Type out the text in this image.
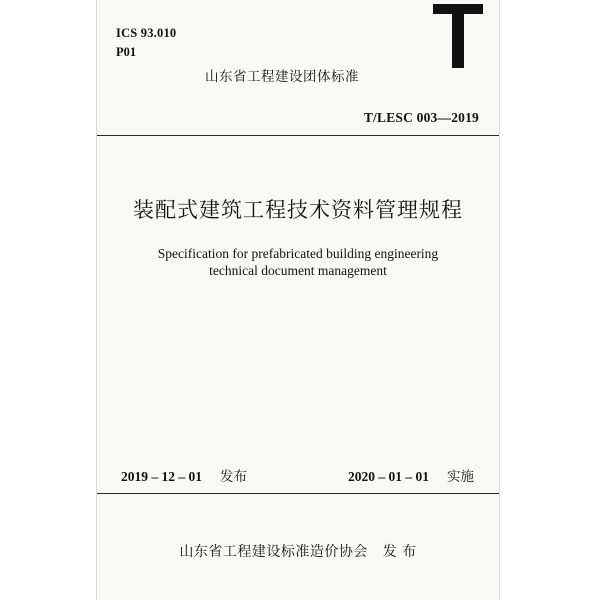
ICS 93.010
P01
山东省工程建设团体标准
T/LESC 003—2019
装配式建筑工程技术资料管理规程
Specification for prefabricated building engineering
technical document management
2019 – 12 – 01 发布	2020 – 01 – 01 实施
山东省工程建设标准造价协会 发 布
